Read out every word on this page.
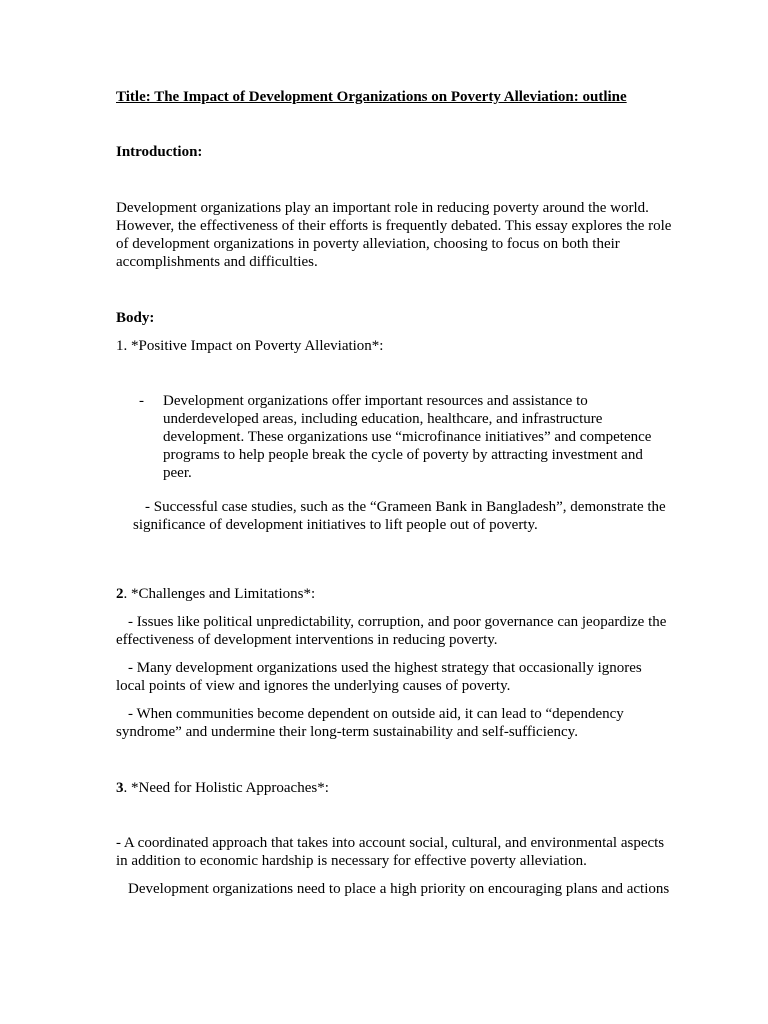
Title: The Impact of Development Organizations on Poverty Alleviation: outline

Introduction:

Development organizations play an important role in reducing poverty around the world. However, the effectiveness of their efforts is frequently debated. This essay explores the role of development organizations in poverty alleviation, choosing to focus on both their accomplishments and difficulties.

Body:

1. *Positive Impact on Poverty Alleviation*:

- Development organizations offer important resources and assistance to underdeveloped areas, including education, healthcare, and infrastructure development. These organizations use “microfinance initiatives” and competence programs to help people break the cycle of poverty by attracting investment and peer.

- Successful case studies, such as the “Grameen Bank in Bangladesh”, demonstrate the significance of development initiatives to lift people out of poverty.

2. *Challenges and Limitations*:

- Issues like political unpredictability, corruption, and poor governance can jeopardize the effectiveness of development interventions in reducing poverty.

- Many development organizations used the highest strategy that occasionally ignores local points of view and ignores the underlying causes of poverty.

- When communities become dependent on outside aid, it can lead to “dependency syndrome” and undermine their long-term sustainability and self-sufficiency.

3. *Need for Holistic Approaches*:

- A coordinated approach that takes into account social, cultural, and environmental aspects in addition to economic hardship is necessary for effective poverty alleviation.

Development organizations need to place a high priority on encouraging plans and actions
